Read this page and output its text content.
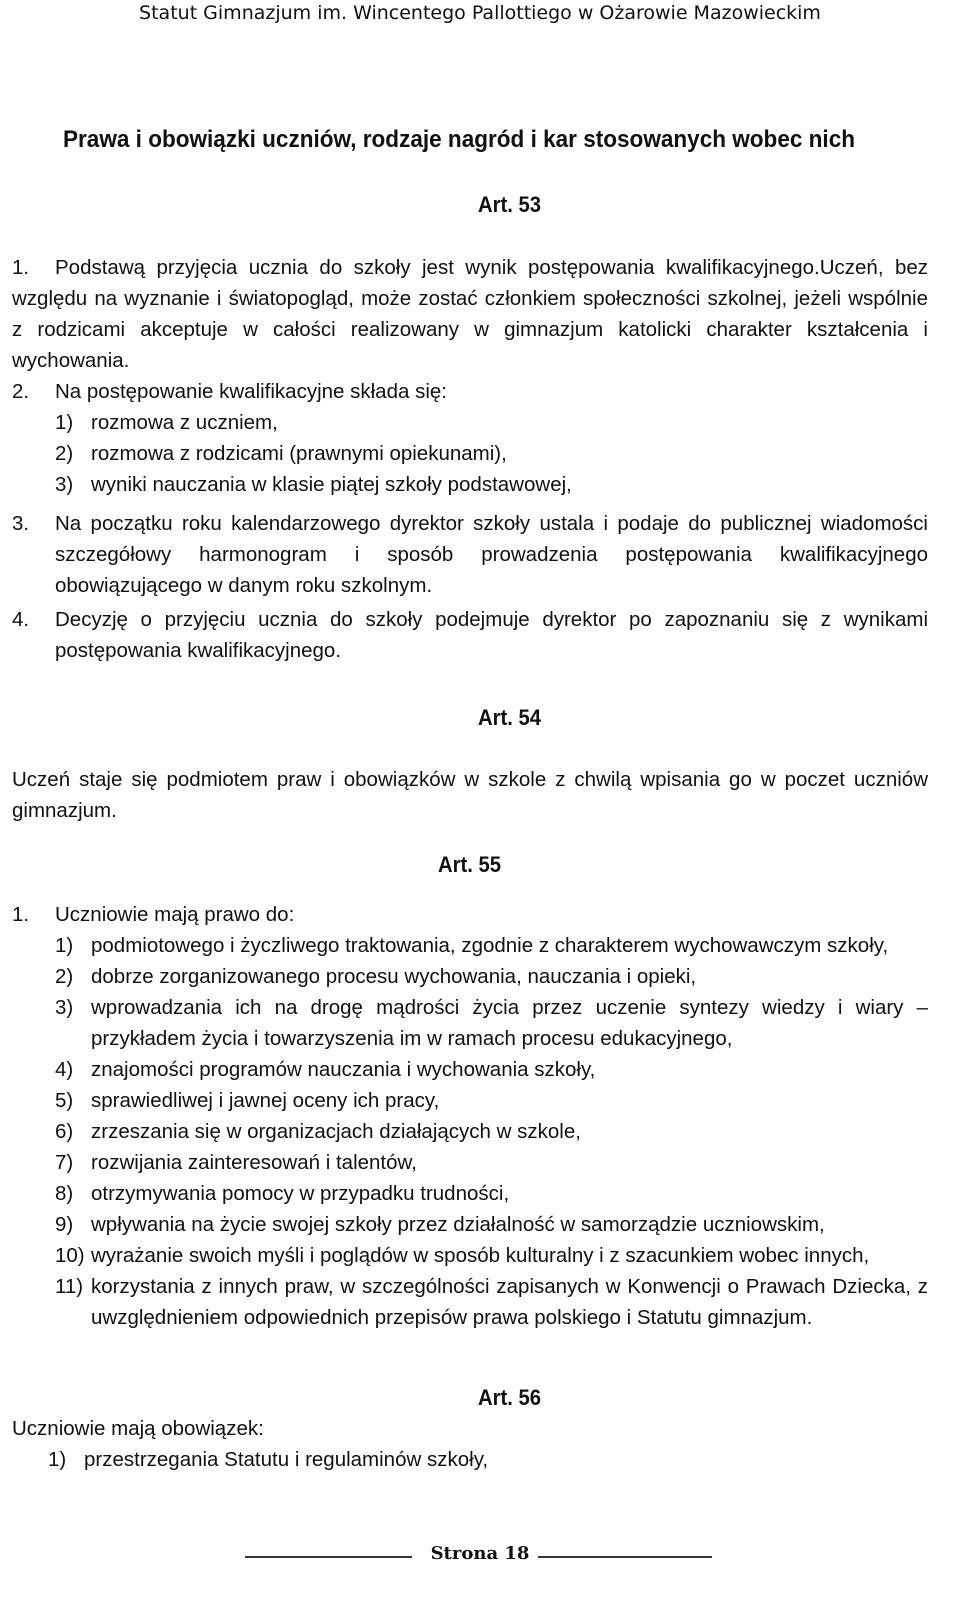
Statut Gimnazjum im. Wincentego Pallottiego w Ożarowie Mazowieckim
Prawa i obowiązki uczniów, rodzaje nagród i kar stosowanych wobec nich
Art. 53
1. Podstawą przyjęcia ucznia do szkoły jest wynik postępowania kwalifikacyjnego.Uczeń, bez
względu na wyznanie i światopogląd, może zostać członkiem społeczności szkolnej, jeżeli wspólnie z rodzicami akceptuje w całości realizowany w gimnazjum katolicki charakter kształcenia i wychowania.
2. Na postępowanie kwalifikacyjne składa się:
1) rozmowa z uczniem,
2) rozmowa z rodzicami (prawnymi opiekunami),
3) wyniki nauczania w klasie piątej szkoły podstawowej,
3. Na początku roku kalendarzowego dyrektor szkoły ustala i podaje do publicznej wiadomości szczegółowy harmonogram i sposób prowadzenia postępowania kwalifikacyjnego obowiązującego w danym roku szkolnym.
4. Decyzję o przyjęciu ucznia do szkoły podejmuje dyrektor po zapoznaniu się z wynikami postępowania kwalifikacyjnego.
Art. 54
Uczeń staje się podmiotem praw i obowiązków w szkole z chwilą wpisania go w poczet uczniów gimnazjum.
Art. 55
1. Uczniowie mają prawo do:
1) podmiotowego i życzliwego traktowania, zgodnie z charakterem wychowawczym szkoły,
2) dobrze zorganizowanego procesu wychowania, nauczania i opieki,
3) wprowadzania ich na drogę mądrości życia przez uczenie syntezy wiedzy i wiary – przykładem życia i towarzyszenia im w ramach procesu edukacyjnego,
4) znajomości programów nauczania i wychowania szkoły,
5) sprawiedliwej i jawnej oceny ich pracy,
6) zrzeszania się w organizacjach działających w szkole,
7) rozwijania zainteresowań i talentów,
8) otrzymywania pomocy w przypadku trudności,
9) wpływania na życie swojej szkoły przez działalność w samorządzie uczniowskim,
10) wyrażanie swoich myśli i poglądów w sposób kulturalny i z szacunkiem wobec innych,
11) korzystania z innych praw, w szczególności zapisanych w Konwencji o Prawach Dziecka, z uwzględnieniem odpowiednich przepisów prawa polskiego i Statutu gimnazjum.
Art. 56
Uczniowie mają obowiązek:
1) przestrzegania Statutu i regulaminów szkoły,
Strona 18
